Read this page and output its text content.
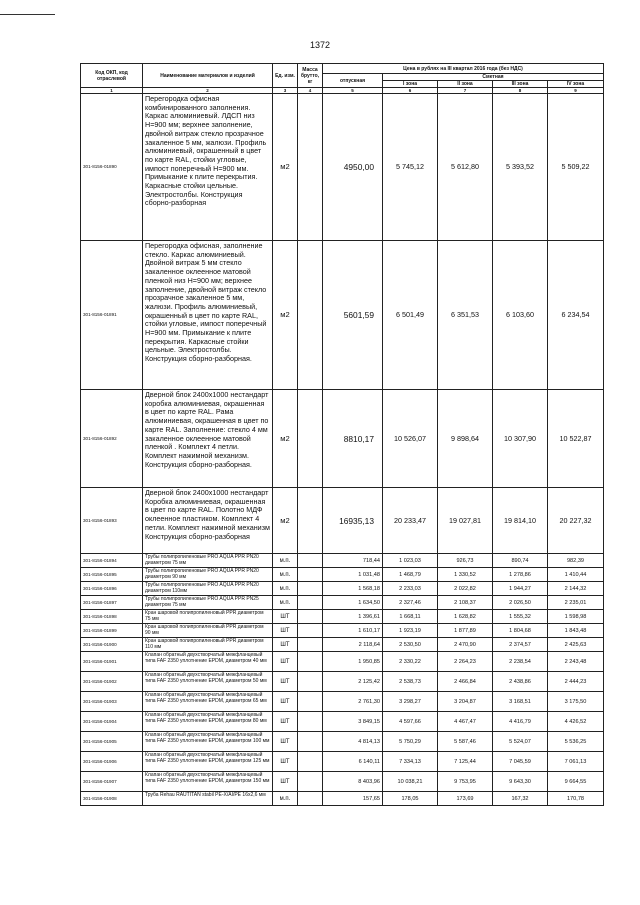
1372
Код ОКП, код отраслевой	Наименование материалов и изделий	Ед. изм.	Масса брутто, кг	Цена в рублях на III квартал 2016 года (без НДС)				
				отпускная	Сметная			
					I зона	II зона	III зона	IV зона
1	2	3	4	5	6	7	8	9
301-8156-01890	Перегородка офисная комбинированного заполнения. Каркас алюминиевый. ЛДСП низ Н=900 мм; верхнее заполнение, двойной витраж стекло прозрачное закаленное 5 мм, жалюзи. Профиль алюминиевый, окрашенный в цвет по карте RAL, стойки угловые, импост поперечный Н=900 мм. Примыкание к плите перекрытия. Каркасные стойки цельные. Электростолбы. Конструкция сборно-разборная	м2		4950,00	5 745,12	5 612,80	5 393,52	5 509,22
301-8156-01891	Перегородка офисная, заполнение стекло. Каркас алюминиевый. Двойной витраж 5 мм стекло закаленное оклеенное матовой пленкой низ Н=900 мм; верхнее заполнение, двойной витраж стекло прозрачное закаленное 5 мм, жалюзи. Профиль алюминиевый, окрашенный в цвет по карте RAL, стойки угловые, импост поперечный Н=900 мм. Примыкание к плите перекрытия. Каркасные стойки цельные. Электростолбы. Конструкция сборно-разборная.	м2		5601,59	6 501,49	6 351,53	6 103,60	6 234,54
301-8156-01892	Дверной блок 2400х1000 нестандарт коробка алюминиевая, окрашенная в цвет по карте RAL. Рама алюминиевая, окрашенная в цвет по карте RAL. Заполнение: стекло 4 мм закаленное оклеенное матовой пленкой . Комплект 4 петли. Комплект нажимной механизм. Конструкция сборно-разборная.	м2		8810,17	10 526,07	9 898,64	10 307,90	10 522,87
301-8156-01893	Дверной блок 2400х1000 нестандарт Коробка алюминиевая, окрашенная в цвет по карте RAL. Полотно МДФ оклеенное пластиком. Комплект 4 петли. Комплект нажимной механизм Конструкция сборно-разборная	м2		16935,13	20 233,47	19 027,81	19 814,10	20 227,32
301-8156-01894	Трубы полипропиленовые PRO AQUA PPR PN20 диаметром 75 мм	м.п.		718,44	1 023,03	926,73	890,74	982,39
301-8156-01895	Трубы полипропиленовые PRO AQUA PPR PN20 диаметром 90 мм	м.п.		1 031,48	1 468,79	1 330,52	1 278,86	1 410,44
301-8156-01896	Трубы полипропиленовые PRO AQUA PPR PN20 диаметром 110мм	м.п.		1 568,18	2 233,03	2 022,82	1 944,27	2 144,32
301-8156-01897	Трубы полипропиленовые PRO AQUA PPR PN25 диаметром 75 мм	м.п.		1 634,50	2 327,46	2 108,37	2 026,50	2 235,01
301-8156-01898	Кран шаровой полипропиленовый PPR диаметром 75 мм	ШТ		1 396,61	1 668,11	1 628,82	1 555,32	1 598,98
301-8156-01899	Кран шаровой полипропиленовый PPR диаметром 90 мм	ШТ		1 610,17	1 923,19	1 877,89	1 804,68	1 843,48
301-8156-01900	Кран шаровой полипропиленовый PPR диаметром 110 мм	ШТ		2 118,64	2 530,50	2 470,90	2 374,57	2 425,63
301-8156-01901	Клапан обратный двухстворчатый межфланцевый типа FAF 2350 уплотнение EPDM, диаметром 40 мм	ШТ		1 950,85	2 330,22	2 264,23	2 238,54	2 243,48
301-8156-01902	Клапан обратный двухстворчатый межфланцевый типа FAF 2350 уплотнение EPDM, диаметром 50 мм	ШТ		2 125,42	2 538,73	2 466,84	2 438,86	2 444,23
301-8156-01903	Клапан обратный двухстворчатый межфланцевый типа FAF 2350 уплотнение EPDM, диаметром 65 мм	ШТ		2 761,30	3 298,27	3 204,87	3 168,51	3 175,50
301-8156-01904	Клапан обратный двухстворчатый межфланцевый типа FAF 2350 уплотнение EPDM, диаметром 80 мм	ШТ		3 849,15	4 597,66	4 467,47	4 416,79	4 426,52
301-8156-01905	Клапан обратный двухстворчатый межфланцевый типа FAF 2350 уплотнение EPDM, диаметром 100 мм	ШТ		4 814,13	5 750,29	5 587,46	5 524,07	5 536,25
301-8156-01906	Клапан обратный двухстворчатый межфланцевый типа FAF 2350 уплотнение EPDM, диаметром 125 мм	ШТ		6 140,11	7 334,13	7 125,44	7 045,59	7 061,13
301-8156-01907	Клапан обратный двухстворчатый межфланцевый типа FAF 2350 уплотнение EPDM, диаметром 150 мм	ШТ		8 403,96	10 038,21	9 753,95	9 643,30	9 664,55
301-8156-01908	Труба Rehau RAUTITAN stabil PE-X/AI/PE 16х2,6 мм	м.п.		157,65	178,05	173,69	167,32	170,78
